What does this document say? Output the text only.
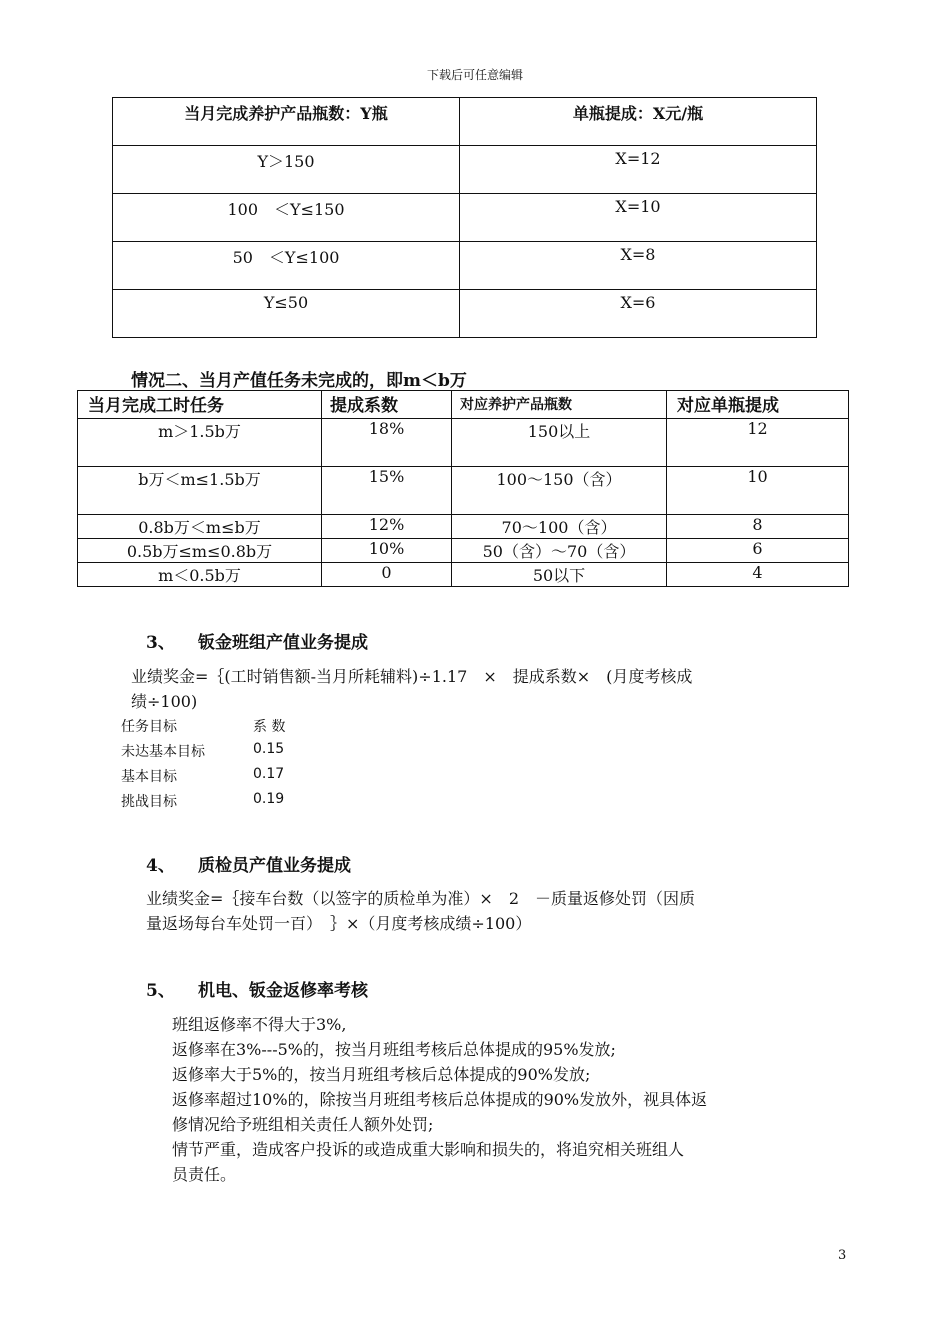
下载后可任意编辑
当月完成养护产品瓶数：Y瓶	单瓶提成：X元/瓶
Y＞150	X=12
100　＜Y≤150	X=10
50　＜Y≤100	X=8
Y≤50	X=6
情况二、当月产值任务未完成的，即m＜b万
当月完成工时任务	提成系数	对应养护产品瓶数	对应单瓶提成
m＞1.5b万	18%	150以上	12
b万＜m≤1.5b万	15%	100～150（含）	10
0.8b万＜m≤b万	12%	70～100（含）	8
0.5b万≤m≤0.8b万	10%	50（含）～70（含）	6
m＜0.5b万	0	50以下	4
3、 钣金班组产值业务提成
业绩奖金=｛(工时销售额-当月所耗辅料)÷1.17　×　提成系数×　(月度考核成
绩÷100)
任务目标	系 数
未达基本目标	0.15
基本目标	0.17
挑战目标	0.19
4、 质检员产值业务提成
业绩奖金=｛接车台数（以签字的质检单为准）×　2　－质量返修处罚（因质
量返场每台车处罚一百）　｝×（月度考核成绩÷100）
5、 机电、钣金返修率考核
班组返修率不得大于3%,
返修率在3%---5%的，按当月班组考核后总体提成的95%发放;
返修率大于5%的，按当月班组考核后总体提成的90%发放;
返修率超过10%的，除按当月班组考核后总体提成的90%发放外，视具体返
修情况给予班组相关责任人额外处罚;
情节严重，造成客户投诉的或造成重大影响和损失的，将追究相关班组人
员责任。
3
